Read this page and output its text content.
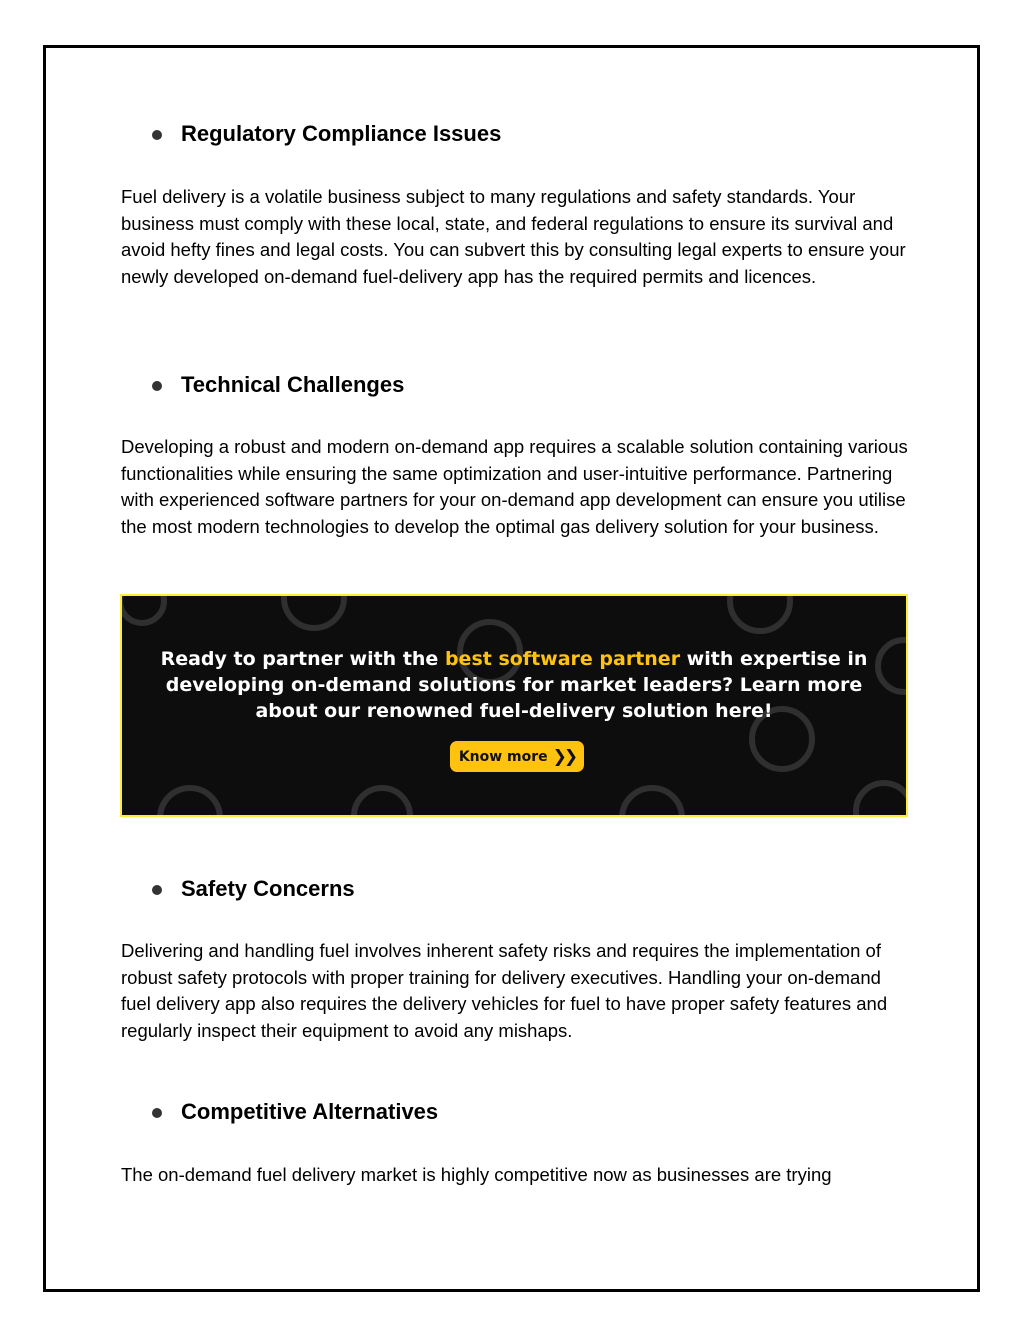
Regulatory Compliance Issues

Fuel delivery is a volatile business subject to many regulations and safety standards. Your business must comply with these local, state, and federal regulations to ensure its survival and avoid hefty fines and legal costs. You can subvert this by consulting legal experts to ensure your newly developed on-demand fuel-delivery app has the required permits and licences.

Technical Challenges

Developing a robust and modern on-demand app requires a scalable solution containing various functionalities while ensuring the same optimization and user-intuitive performance. Partnering with experienced software partners for your on-demand app development can ensure you utilise the most modern technologies to develop the optimal gas delivery solution for your business.

Ready to partner with the best software partner with expertise in
developing on-demand solutions for market leaders? Learn more
about our renowned fuel-delivery solution here!

Know more ❯❯
Safety Concerns

Delivering and handling fuel involves inherent safety risks and requires the implementation of robust safety protocols with proper training for delivery executives. Handling your on-demand fuel delivery app also requires the delivery vehicles for fuel to have proper safety features and regularly inspect their equipment to avoid any mishaps.

Competitive Alternatives

The on-demand fuel delivery market is highly competitive now as businesses are trying
